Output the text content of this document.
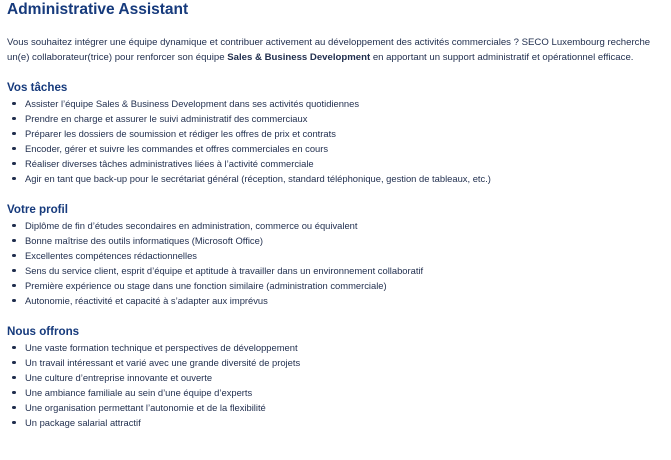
Administrative Assistant

Vous souhaitez intégrer une équipe dynamique et contribuer activement au développement des activités commerciales ? SECO Luxembourg recherche un(e) collaborateur(trice) pour renforcer son équipe Sales & Business Development en apportant un support administratif et opérationnel efficace.

Vos tâches
Assister l’équipe Sales & Business Development dans ses activités quotidiennes
Prendre en charge et assurer le suivi administratif des commerciaux
Préparer les dossiers de soumission et rédiger les offres de prix et contrats
Encoder, gérer et suivre les commandes et offres commerciales en cours
Réaliser diverses tâches administratives liées à l’activité commerciale
Agir en tant que back-up pour le secrétariat général (réception, standard téléphonique, gestion de tableaux, etc.)
Votre profil
Diplôme de fin d’études secondaires en administration, commerce ou équivalent
Bonne maîtrise des outils informatiques (Microsoft Office)
Excellentes compétences rédactionnelles
Sens du service client, esprit d’équipe et aptitude à travailler dans un environnement collaboratif
Première expérience ou stage dans une fonction similaire (administration commerciale)
Autonomie, réactivité et capacité à s’adapter aux imprévus
Nous offrons
Une vaste formation technique et perspectives de développement
Un travail intéressant et varié avec une grande diversité de projets
Une culture d’entreprise innovante et ouverte
Une ambiance familiale au sein d’une équipe d’experts
Une organisation permettant l’autonomie et de la flexibilité
Un package salarial attractif
